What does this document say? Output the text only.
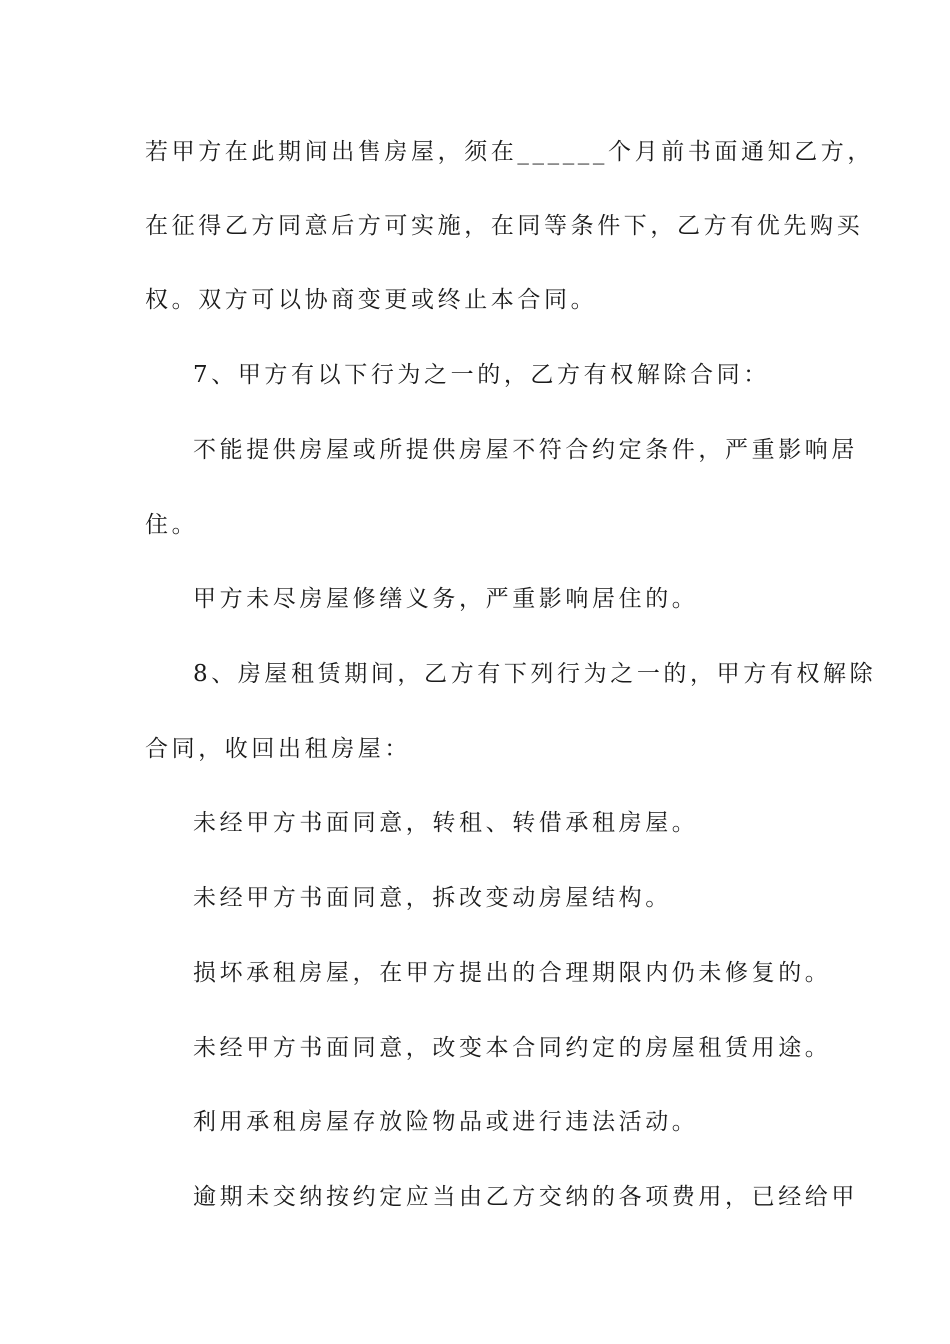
若甲方在此期间出售房屋，须在______个月前书面通知乙方，
在征得乙方同意后方可实施，在同等条件下，乙方有优先购买
权。双方可以协商变更或终止本合同。
7、甲方有以下行为之一的，乙方有权解除合同：
不能提供房屋或所提供房屋不符合约定条件，严重影响居
住。
甲方未尽房屋修缮义务，严重影响居住的。
8、房屋租赁期间，乙方有下列行为之一的，甲方有权解除
合同，收回出租房屋：
未经甲方书面同意，转租、转借承租房屋。
未经甲方书面同意，拆改变动房屋结构。
损坏承租房屋，在甲方提出的合理期限内仍未修复的。
未经甲方书面同意，改变本合同约定的房屋租赁用途。
利用承租房屋存放险物品或进行违法活动。
逾期未交纳按约定应当由乙方交纳的各项费用，已经给甲
